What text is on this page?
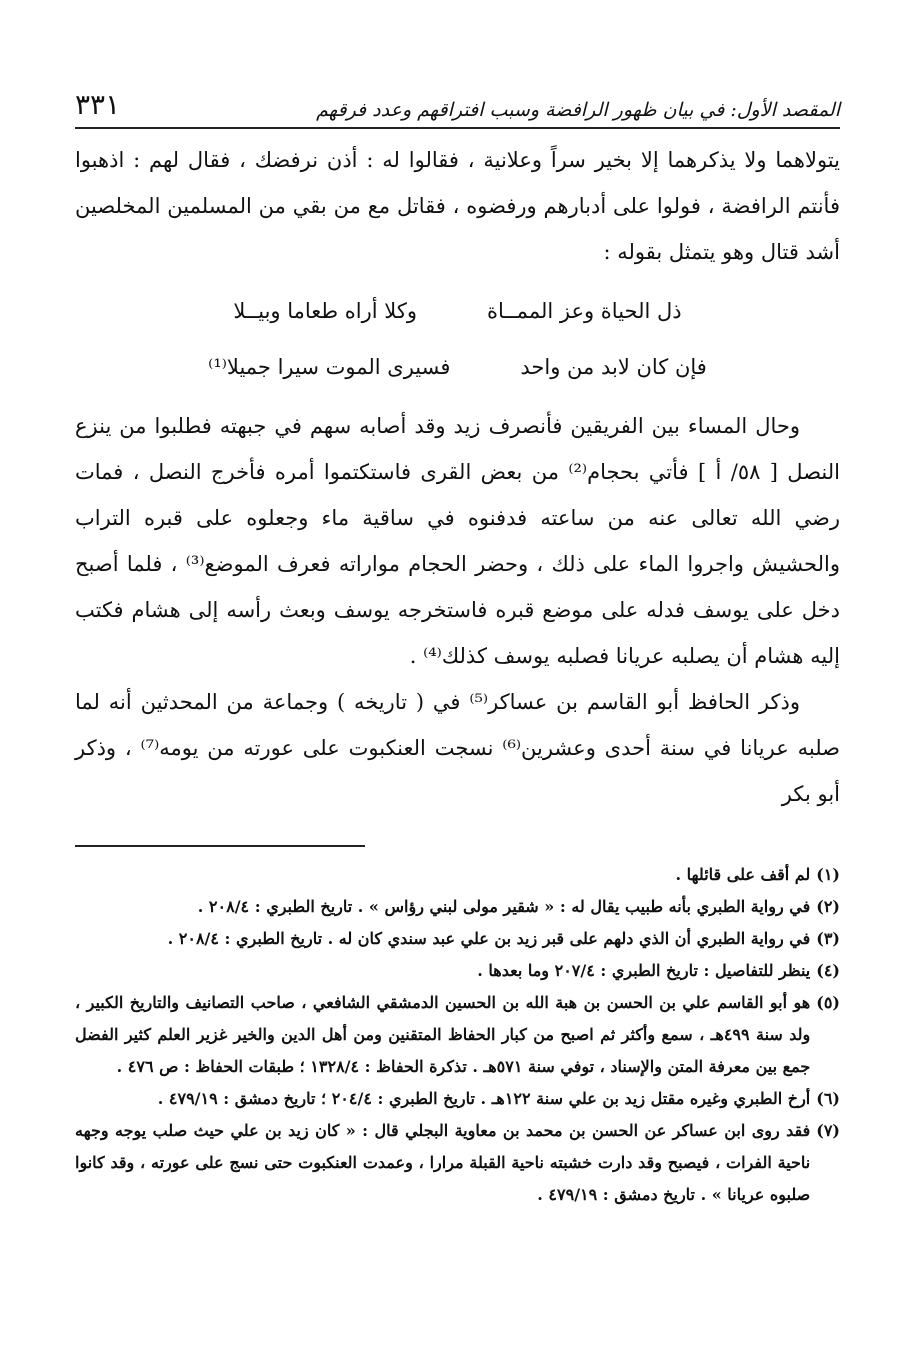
المقصد الأول: في بيان ظهور الرافضة وسبب افتراقهم وعدد فرقهم
٣٣١

يتولاهما ولا يذكرهما إلا بخير سراً وعلانية ، فقالوا له : أذن نرفضك ، فقال لهم : اذهبوا فأنتم الرافضة ، فولوا على أدبارهم ورفضوه ، فقاتل مع من بقي من المسلمين المخلصين أشد قتال وهو يتمثل بقوله :

ذل الحياة وعز الممــاة
وكلا أراه طعاما وبيــلا
فإن كان لابد من واحد
فسيرى الموت سيرا جميلا⁽¹⁾

وحال المساء بين الفريقين فأنصرف زيد وقد أصابه سهم في جبهته فطلبوا من ينزع النصل [ ٥٨/ أ ] فأتي بحجام⁽²⁾ من بعض القرى فاستكتموا أمره فأخرج النصل ، فمات رضي الله تعالى عنه من ساعته فدفنوه في ساقية ماء وجعلوه على قبره التراب والحشيش واجروا الماء على ذلك ، وحضر الحجام مواراته فعرف الموضع⁽³⁾ ، فلما أصبح دخل على يوسف فدله على موضع قبره فاستخرجه يوسف وبعث رأسه إلى هشام فكتب إليه هشام أن يصلبه عريانا فصلبه يوسف كذلك⁽⁴⁾ .

وذكر الحافظ أبو القاسم بن عساكر⁽⁵⁾ في ( تاريخه ) وجماعة من المحدثين أنه لما صلبه عريانا في سنة أحدى وعشرين⁽⁶⁾ نسجت العنكبوت على عورته من يومه⁽⁷⁾ ، وذكر أبو بكر

(١)
لم أقف على قائلها .
(٢)
في رواية الطبري بأنه طبيب يقال له : « شقير مولى لبني رؤاس » . تاريخ الطبري : ٢٠٨/٤ .
(٣)
في رواية الطبري أن الذي دلهم على قبر زيد بن علي عبد سندي كان له . تاريخ الطبري : ٢٠٨/٤ .
(٤)
ينظر للتفاصيل : تاريخ الطبري : ٢٠٧/٤ وما بعدها .
(٥)
هو أبو القاسم علي بن الحسن بن هبة الله بن الحسين الدمشقي الشافعي ، صاحب التصانيف والتاريخ الكبير ، ولد سنة ٤٩٩هـ ، سمع وأكثر ثم اصبح من كبار الحفاظ المتقنين ومن أهل الدين والخير غزير العلم كثير الفضل جمع بين معرفة المتن والإسناد ، توفي سنة ٥٧١هـ . تذكرة الحفاظ : ١٣٢٨/٤ ؛ طبقات الحفاظ : ص ٤٧٦ .
(٦)
أرخ الطبري وغيره مقتل زيد بن علي سنة ١٢٢هـ . تاريخ الطبري : ٢٠٤/٤ ؛ تاريخ دمشق : ٤٧٩/١٩ .
(٧)
فقد روى ابن عساكر عن الحسن بن محمد بن معاوية البجلي قال : « كان زيد بن علي حيث صلب يوجه وجهه ناحية الفرات ، فيصبح وقد دارت خشبته ناحية القبلة مرارا ، وعمدت العنكبوت حتى نسج على عورته ، وقد كانوا صلبوه عريانا » . تاريخ دمشق : ٤٧٩/١٩ .
